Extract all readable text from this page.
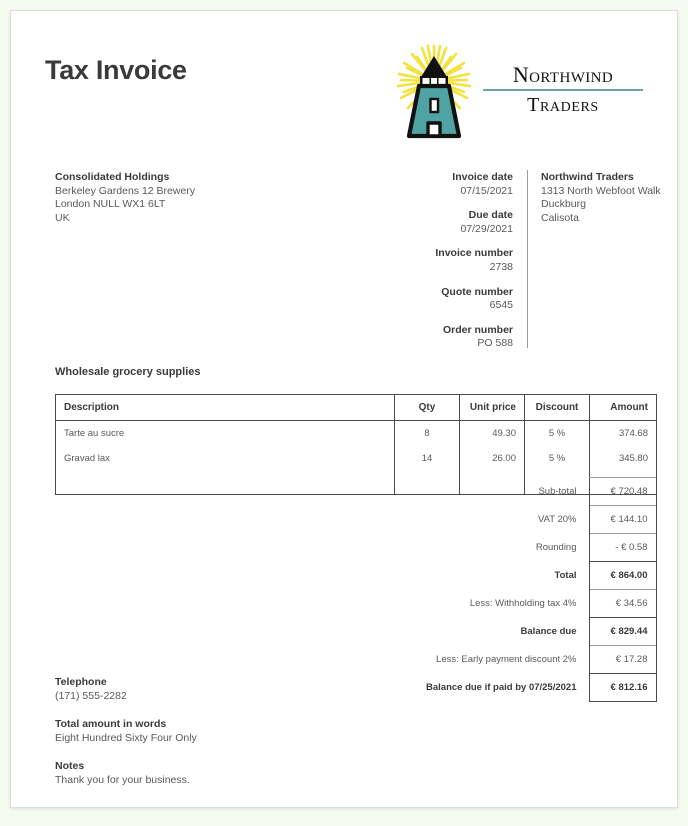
Tax Invoice	Northwind
Traders
Consolidated Holdings
Berkeley Gardens 12 Brewery
London NULL WX1 6LT
UK
Invoice date
07/15/2021
Due date
07/29/2021
Invoice number
2738
Quote number
6545
Order number
PO 588
Northwind Traders
1313 North Webfoot Walk
Duckburg
Calisota
Wholesale grocery supplies
Description	Qty	Unit price	Discount	Amount
Tarte au sucre	8	49.30	5 %	374.68
Gravad lax	14	26.00	5 %	345.80

Sub-total	€ 720.48
VAT 20%	€ 144.10
Rounding	- € 0.58
Total	€ 864.00
Less: Withholding tax 4%	€ 34.56
Balance due	€ 829.44
Less: Early payment discount 2%	€ 17.28
Balance due if paid by 07/25/2021	€ 812.16
Telephone
(171) 555-2282
Total amount in words
Eight Hundred Sixty Four Only
Notes
Thank you for your business.
